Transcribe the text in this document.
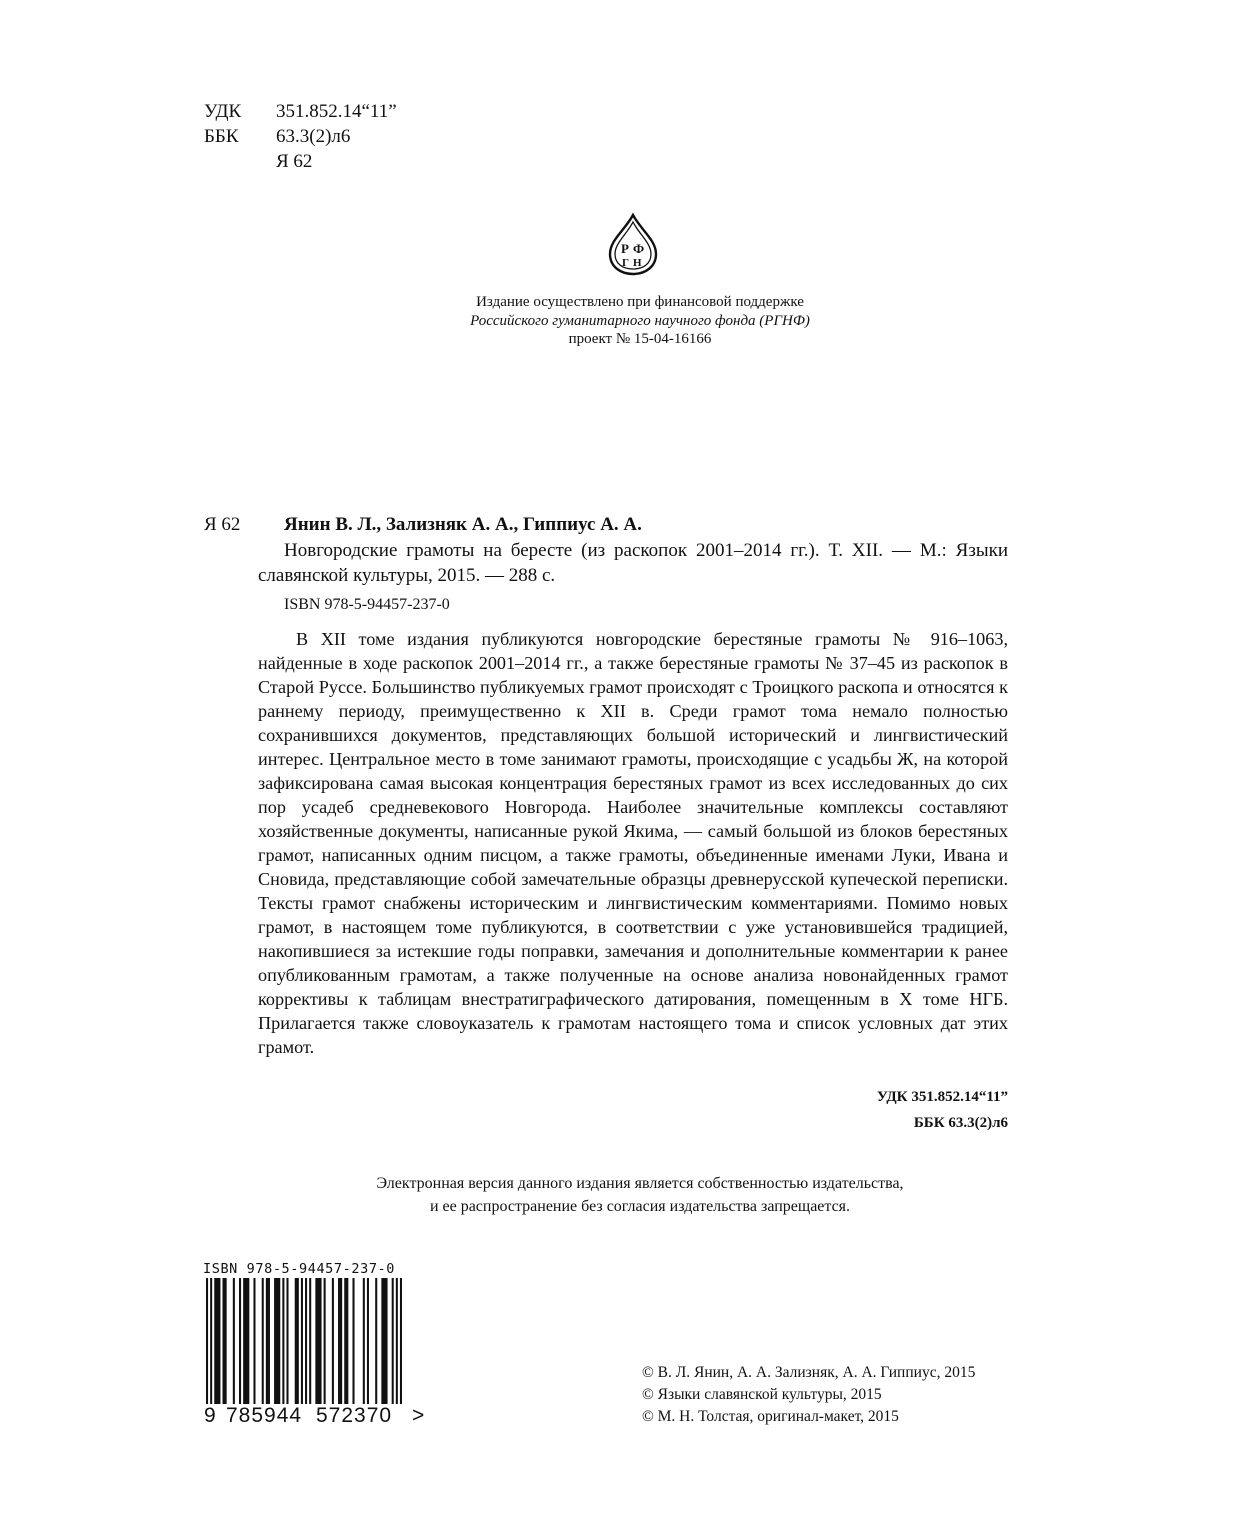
УДК 351.852.14“11”
ББК 63.3(2)л6
Я 62
Р Ф
Г Н
Издание осуществлено при финансовой поддержке
Российского гуманитарного научного фонда (РГНФ)
проект № 15-04-16166
Я 62 Янин В. Л., Зализняк А. А., Гиппиус А. А.
Новгородские грамоты на бересте (из раскопок 2001–2014 гг.). Т. XII. — М.: Языки славянской культуры, 2015. — 288 с.
ISBN 978-5-94457-237-0

В XII томе издания публикуются новгородские берестяные грамоты № 916–1063, найденные в ходе раскопок 2001–2014 гг., а также берестяные грамоты № 37–45 из раскопок в Старой Руссе. Большинство публикуемых грамот происходят с Троицкого раскопа и относятся к раннему периоду, преимущественно к XII в. Среди грамот тома немало полностью сохранившихся документов, представляющих большой исторический и лингвистический интерес. Центральное место в томе занимают грамоты, происходящие с усадьбы Ж, на которой зафиксирована самая высокая концентрация берестяных грамот из всех исследованных до сих пор усадеб средневекового Новгорода. Наиболее значительные комплексы составляют хозяйственные документы, написанные рукой Якима, — самый большой из блоков берестяных грамот, написанных одним писцом, а также грамоты, объединенные именами Луки, Ивана и Сновида, представляющие собой замечательные образцы древнерусской купеческой переписки. Тексты грамот снабжены историческим и лингвистическим комментариями. Помимо новых грамот, в настоящем томе публикуются, в соответствии с уже установившейся традицией, накопившиеся за истекшие годы поправки, замечания и дополнительные комментарии к ранее опубликованным грамотам, а также полученные на основе анализа новонайденных грамот коррективы к таблицам внестратиграфического датирования, помещенным в X томе НГБ. Прилагается также словоуказатель к грамотам настоящего тома и список условных дат этих грамот.

УДК 351.852.14“11”
ББК 63.3(2)л6
Электронная версия данного издания является собственностью издательства,
и ее распространение без согласия издательства запрещается.
ISBN 978-5-94457-237-0
9 785944 572370 >
© В. Л. Янин, А. А. Зализняк, А. А. Гиппиус, 2015
© Языки славянской культуры, 2015
© М. Н. Толстая, оригинал-макет, 2015
